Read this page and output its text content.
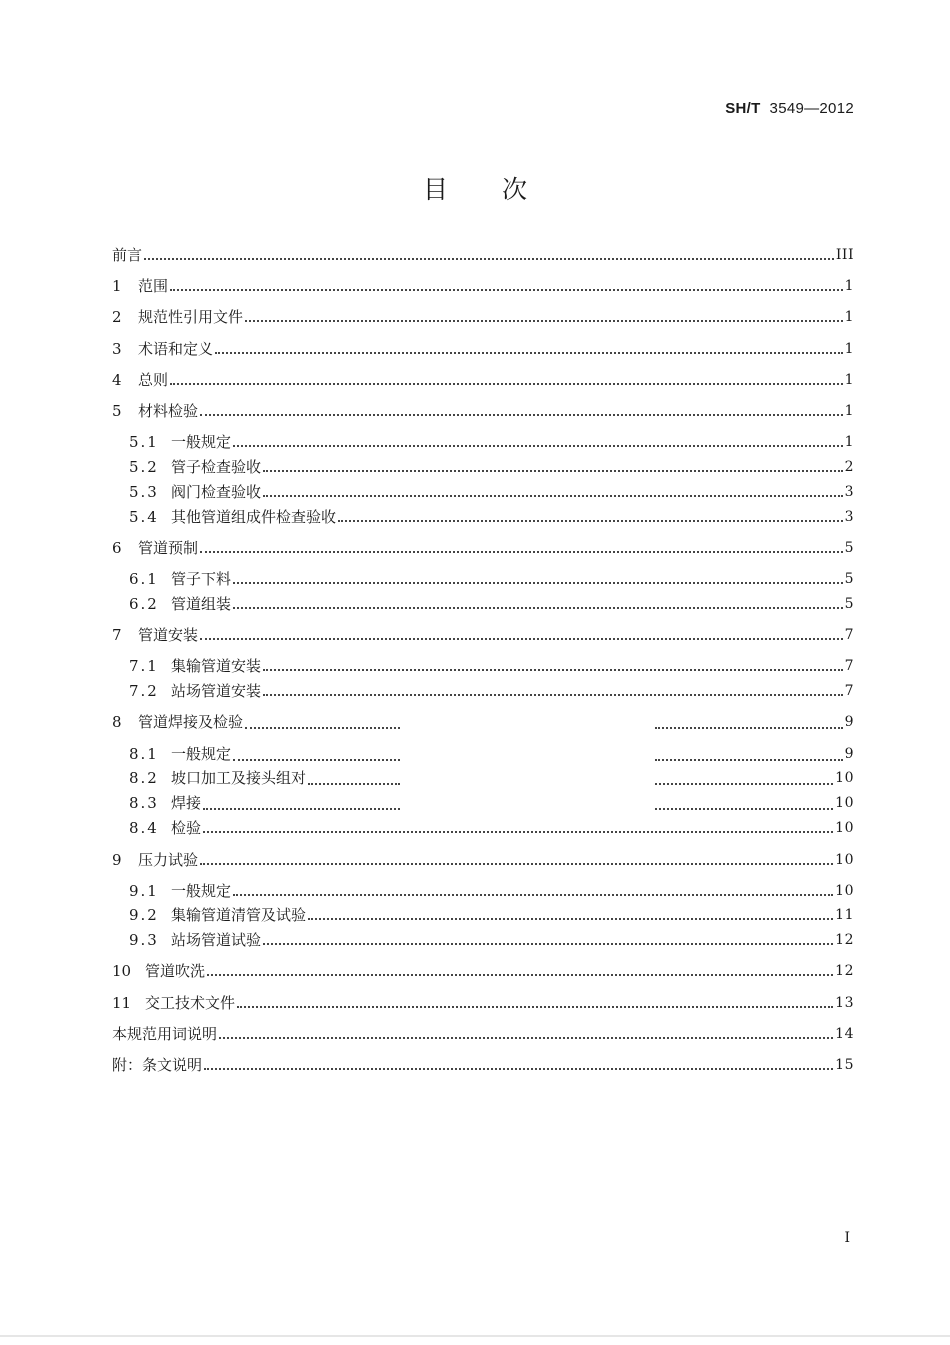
SH/T 3549—2012
目次
前言	III
1	范围	1
2	规范性引用文件	1
3	术语和定义	1
4	总则	1
5	材料检验	1
5.1 一般规定	1
5.2 管子检查验收	2
5.3 阀门检查验收	3
5.4 其他管道组成件检查验收	3
6	管道预制	5
6.1 管子下料	5
6.2 管道组装	5
7	管道安装	7
7.1 集输管道安装	7
7.2 站场管道安装	7
8	管道焊接及检验	9
8.1 一般规定	9
8.2 坡口加工及接头组对	10
8.3 焊接	10
8.4 检验	10
9	压力试验	10
9.1 一般规定	10
9.2 集输管道清管及试验	11
9.3 站场管道试验	12
10 管道吹洗	12
11 交工技术文件	13
本规范用词说明	14
附：条文说明	15
I
